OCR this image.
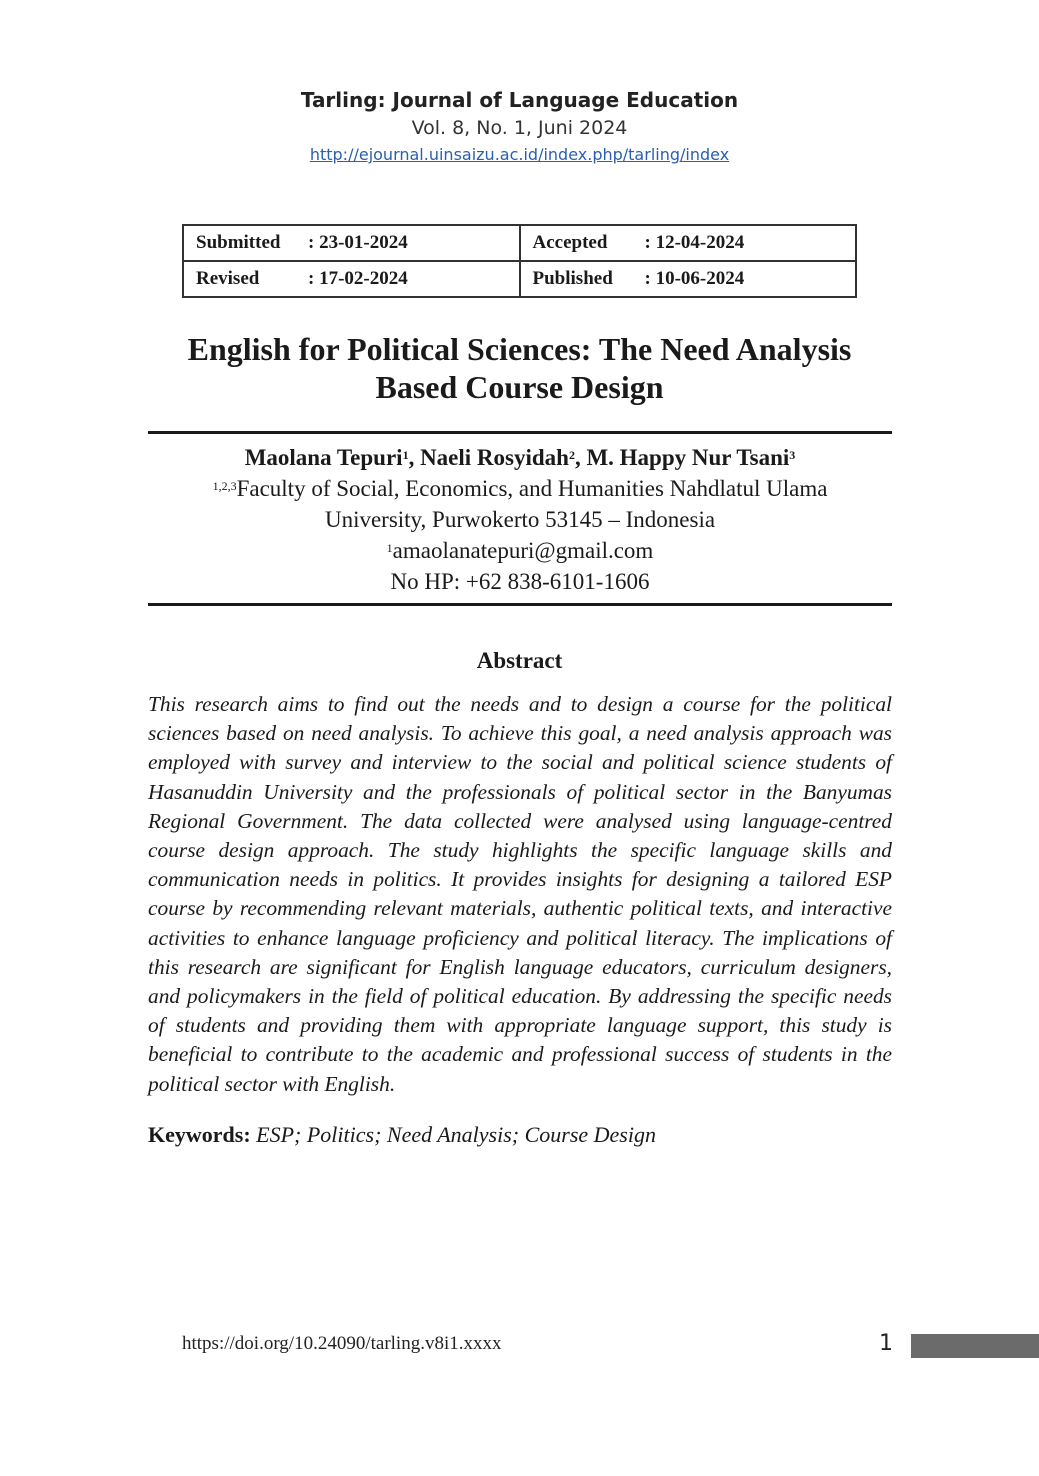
Tarling: Journal of Language Education
Vol. 8, No. 1, Juni 2024
http://ejournal.uinsaizu.ac.id/index.php/tarling/index
Submitted : 23-01-2024	Accepted : 12-04-2024
Revised : 17-02-2024	Published : 10-06-2024
English for Political Sciences: The Need Analysis
Based Course Design
Maolana Tepuri$^1$, Naeli Rosyidah$^2$, M. Happy Nur Tsani$^3$
$^{1,2,3}$Faculty of Social, Economics, and Humanities Nahdlatul Ulama
University, Purwokerto 53145 – Indonesia
$^1$amaolanatepuri@gmail.com
No HP: +62 838-6101-1606
Abstract
This research aims to find out the needs and to design a course for the political sciences based on need analysis. To achieve this goal, a need analysis approach was employed with survey and interview to the social and political science students of Hasanuddin University and the professionals of political sector in the Banyumas Regional Government. The data collected were analysed using language-centred course design approach. The study highlights the specific language skills and communication needs in politics. It provides insights for designing a tailored ESP course by recommending relevant materials, authentic political texts, and interactive activities to enhance language proficiency and political literacy. The implications of this research are significant for English language educators, curriculum designers, and policymakers in the field of political education. By addressing the specific needs of students and providing them with appropriate language support, this study is beneficial to contribute to the academic and professional success of students in the political sector with English.
Keywords: ESP; Politics; Need Analysis; Course Design
https://doi.org/10.24090/tarling.v8i1.xxxx	1
